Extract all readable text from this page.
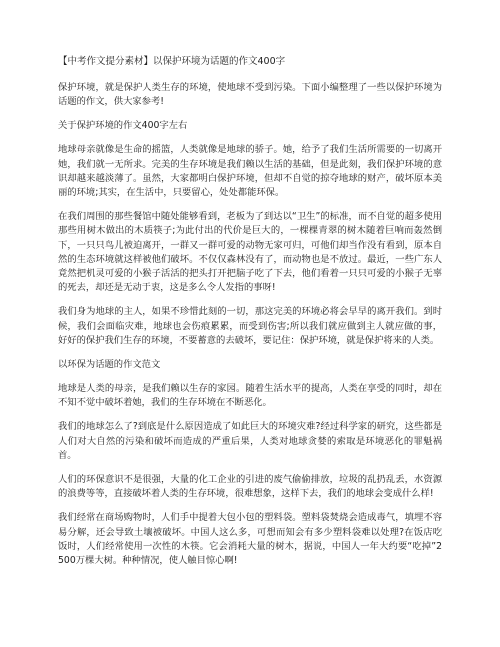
【中考作文提分素材】以保护环境为话题的作文400字

保护环境，就是保护人类生存的环境，使地球不受到污染。下面小编整理了一些以保护环境为话题的作文，供大家参考!

关于保护环境的作文400字左右

地球母亲就像是生命的摇篮，人类就像是地球的骄子。她，给予了我们生活所需要的一切离开她，我们就一无所求。完美的生存环境是我们赖以生活的基础，但是此刻，我们保护环境的意识却越来越淡薄了。虽然，大家都明白保护环境，但却不自觉的掠夺地球的财产，破坏原本美丽的环境;其实，在生活中，只要留心，处处都能环保。

在我们周围的那些餐馆中随处能够看到，老板为了到达以“卫生”的标准，而不自觉的超多使用那些用树木做出的木质筷子;为此付出的代价是巨大的，一棵棵青翠的树木随着巨响而轰然倒下，一只只鸟儿被迫离开，一群又一群可爱的动物无家可归，可他们却当作没有看到，原本自然的生态环境就这样被他们破坏。不仅仅森林没有了，而动物也是不放过。最近，一些广东人竟然把机灵可爱的小猴子活活的把头打开把脑子吃了下去，他们看着一只只可爱的小猴子无辜的死去，却还是无动于衷，这是多么令人发指的事呀!

我们身为地球的主人，如果不珍惜此刻的一切，那这完美的环境必将会早早的离开我们。到时候，我们会面临灾难，地球也会伤痕累累，而受到伤害;所以我们就应做到主人就应做的事，好好的保护我们生存的环境，不要蓄意的去破坏，要记住：保护环境，就是保护将来的人类。

以环保为话题的作文范文

地球是人类的母亲，是我们赖以生存的家园。随着生活水平的提高，人类在享受的同时，却在不知不觉中破坏着她，我们的生存环境在不断恶化。

我们的地球怎么了?到底是什么原因造成了如此巨大的环境灾难?经过科学家的研究，这些都是人们对大自然的污染和破坏而造成的严重后果，人类对地球贪婪的索取是环境恶化的罪魁祸首。

人们的环保意识不是很强，大量的化工企业的引进的废气偷偷排放，垃圾的乱扔乱丢，水资源的浪费等等，直接破坏着人类的生存环境，很难想象，这样下去，我们的地球会变成什么样!

我们经常在商场购物时，人们手中提着大包小包的塑料袋。塑料袋焚烧会造成毒气，填埋不容易分解，还会导致土壤被破坏。中国人这么多，可想而知会有多少塑料袋难以处理?在饭店吃饭时，人们经常使用一次性的木筷。它会消耗大量的树木，据说，中国人一年大约要“吃掉”2500万棵大树。种种情况，使人触目惊心啊!
